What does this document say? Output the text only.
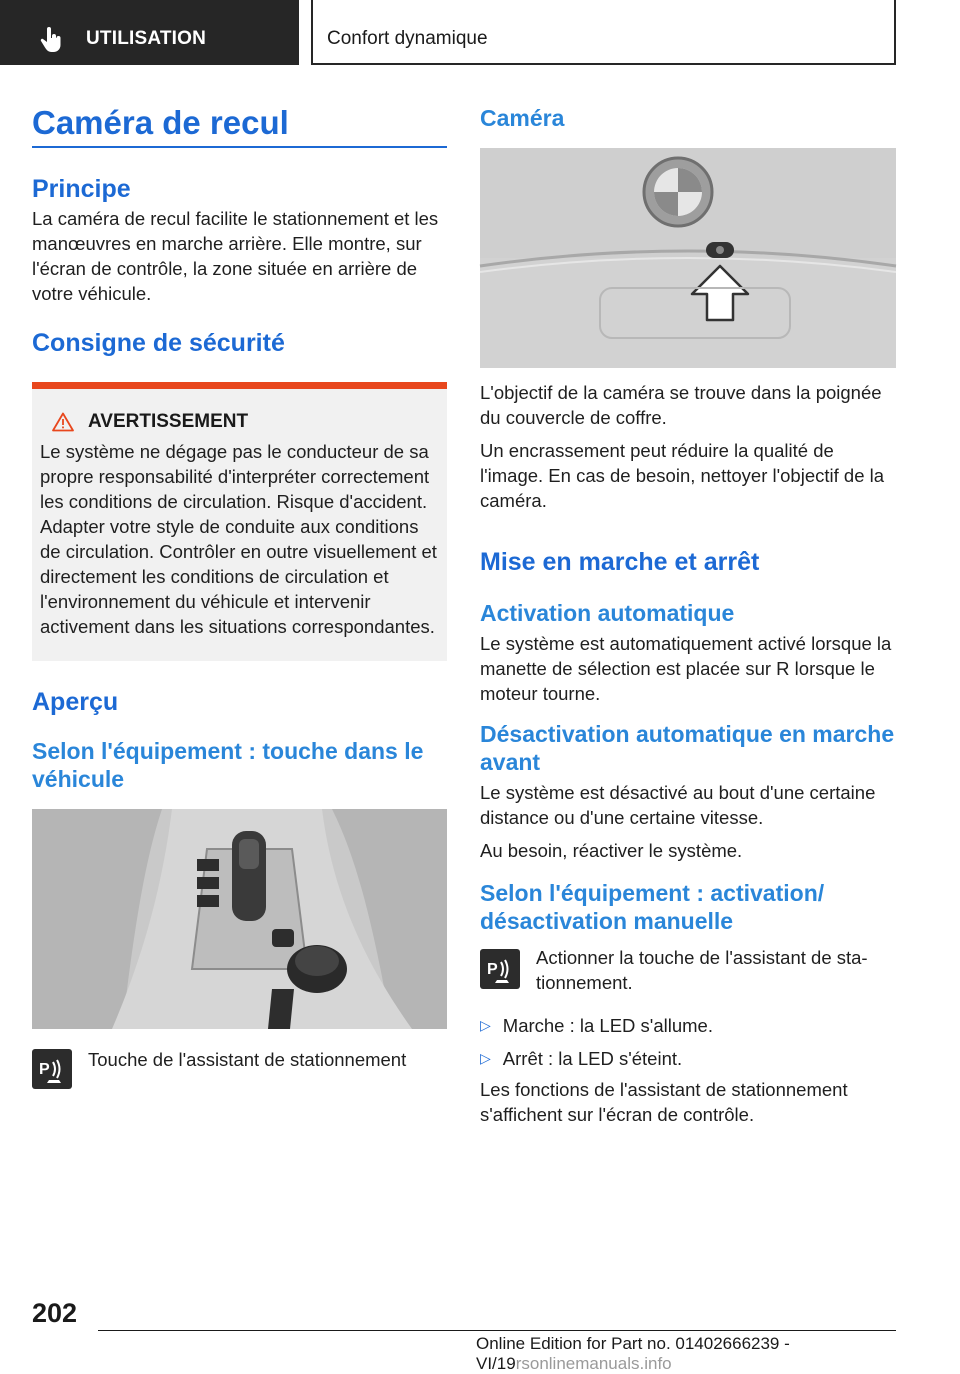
UTILISATION	Confort dynamique
Caméra de recul
Principe
La caméra de recul facilite le stationnement et les manœuvres en marche arrière. Elle montre, sur l'écran de contrôle, la zone située en arrière de votre véhicule.
Consigne de sécurité
AVERTISSEMENT
Le système ne dégage pas le conducteur de sa propre responsabilité d'interpréter correctement les conditions de circulation. Risque d'accident. Adapter votre style de conduite aux conditions de circulation. Contrôler en outre visuellement et directement les conditions de circulation et l'environnement du véhicule et intervenir activement dans les situations correspondantes.
Aperçu
Selon l'équipement : touche dans le véhicule
P Touche de l'assistant de stationnement
Caméra
L'objectif de la caméra se trouve dans la poignée du couvercle de coffre.
Un encrassement peut réduire la qualité de l'image. En cas de besoin, nettoyer l'objectif de la caméra.
Mise en marche et arrêt
Activation automatique
Le système est automatiquement activé lorsque la manette de sélection est placée sur R lorsque le moteur tourne.
Désactivation automatique en marche avant
Le système est désactivé au bout d'une certaine distance ou d'une certaine vitesse.
Au besoin, réactiver le système.
Selon l'équipement : activation/ désactivation manuelle
P
Actionner la touche de l'assistant de stationnement.
▷ Marche : la LED s'allume.
▷ Arrêt : la LED s'éteint.
Les fonctions de l'assistant de stationnement s'affichent sur l'écran de contrôle.
202
Online Edition for Part no. 01402666239 - VI/19rsonlinemanuals.info
